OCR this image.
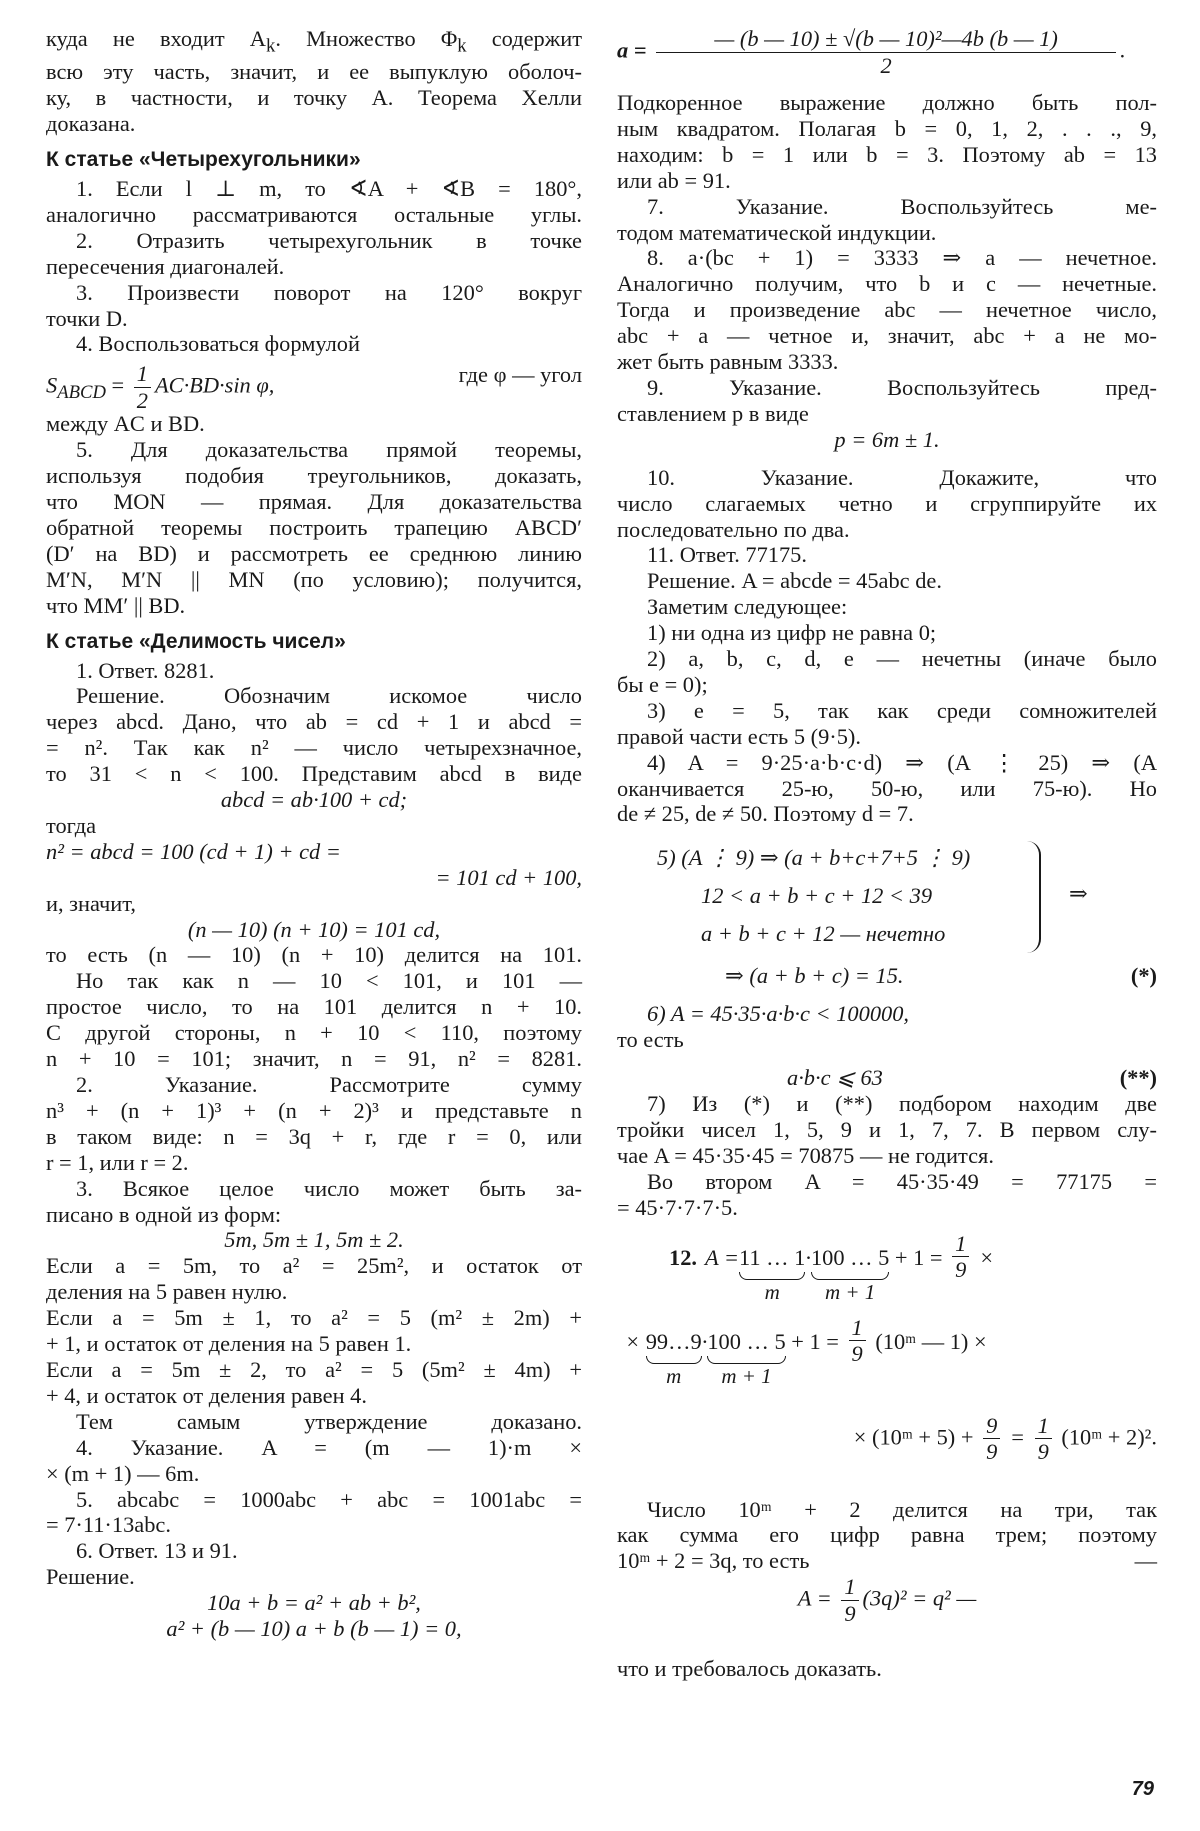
куда не входит $A_k$. Множество $\Phi_k$ содержит
всю эту часть, значит, и ее выпуклую оболоч-
ку, в частности, и точку A. Теорема Хелли
доказана.
К статье «Четырехугольники»
1. Если l ⊥ m, то ∢A + ∢B = 180°,
аналогично рассматриваются остальные углы.
2. Отразить четырехугольник в точке
пересечения диагоналей.
3. Произвести поворот на 120° вокруг
точки D.
4. Воспользоваться формулой
$S_{ABCD} = \frac{1}{2} AC\cdot BD\cdot\sin$ φ,	где φ — угол
между AC и BD.
5. Для доказательства прямой теоремы,
используя подобия треугольников, доказать,
что MON — прямая. Для доказательства
обратной теоремы построить трапецию ABCD′
(D′ на BD) и рассмотреть ее среднюю линию
M′N, M′N || MN (по условию); получится,
что MM′ || BD.
К статье «Делимость чисел»
1. Ответ. 8281.
Решение. Обозначим искомое число
через abcd. Дано, что ab = cd + 1 и abcd =
= n². Так как n² — число четырехзначное,
то 31 < n < 100. Представим abcd в виде
abcd = ab·100 + cd;
тогда
n² = abcd = 100 (cd + 1) + cd =
= 101 cd + 100,
и, значит,
(n — 10) (n + 10) = 101 cd,
то есть (n — 10) (n + 10) делится на 101.
Но так как n — 10 < 101, и 101 —
простое число, то на 101 делится n + 10.
С другой стороны, n + 10 < 110, поэтому
n + 10 = 101; значит, n = 91, n² = 8281.
2. Указание. Рассмотрите сумму
n³ + (n + 1)³ + (n + 2)³ и представьте n
в таком виде: n = 3q + r, где r = 0, или
r = 1, или r = 2.
3. Всякое целое число может быть за-
писано в одной из форм:
5m, 5m ± 1, 5m ± 2.
Если a = 5m, то a² = 25m², и остаток от
деления на 5 равен нулю.
Если a = 5m ± 1, то a² = 5 (m² ± 2m) +
+ 1, и остаток от деления на 5 равен 1.
Если a = 5m ± 2, то a² = 5 (5m² ± 4m) +
+ 4, и остаток от деления равен 4.
Тем самым утверждение доказано.
4. Указание. A = (m — 1)·m ×
× (m + 1) — 6m.
5. abcabc = 1000abc + abc = 1001abc =
= 7·11·13abc.
6. Ответ. 13 и 91.
Решение.
10a + b = a² + ab + b²,
a² + (b — 10) a + b (b — 1) = 0,
$a = \frac{\text{— (b — 10) ± √(b — 10)²—4b (b — 1)}}{2}$ .
Подкоренное выражение должно быть пол-
ным квадратом. Полагая b = 0, 1, 2, . . ., 9,
находим: b = 1 или b = 3. Поэтому ab = 13
или ab = 91.
7. Указание. Воспользуйтесь ме-
тодом математической индукции.
8. a·(bc + 1) = 3333 ⇒ a — нечетное.
Аналогично получим, что b и c — нечетные.
Тогда и произведение abc — нечетное число,
abc + a — четное и, значит, abc + a не мо-
жет быть равным 3333.
9. Указание. Воспользуйтесь пред-
ставлением p в виде
p = 6m ± 1.
10. Указание. Докажите, что
число слагаемых четно и сгруппируйте их
последовательно по два.
11. Ответ. 77175.
Решение. A = abcde = 45abc de.
Заметим следующее:
1) ни одна из цифр не равна 0;
2) a, b, c, d, e — нечетны (иначе было
бы e = 0);
3) e = 5, так как среди сомножителей
правой части есть 5 (9·5).
4) A = 9·25·a·b·c·d) ⇒ (A ⋮ 25) ⇒ (A
оканчивается 25-ю, 50-ю, или 75-ю). Но
de ≠ 25, de ≠ 50. Поэтому d = 7.
5) (A ⋮ 9) ⇒ (a + b+c+7+5 ⋮ 9)
12 < a + b + c + 12 < 39
a + b + c + 12 — нечетно
⇒
⇒ (a + b + c) = 15.	(*)
6) A = 45·35·a·b·c < 100000,
то есть
a·b·c ⩽ 63	(**)
7) Из (*) и (**) подбором находим две
тройки чисел 1, 5, 9 и 1, 7, 7. В первом слу-
чае A = 45·35·45 = 70875 — не годится.
Во втором A = 45·35·49 = 77175 =
= 45·7·7·7·5.
12. A = 11 … 1
m
· 100 … 5
m + 1
+ $1 = \frac{1}{9}$ ×
× 99…9
m
· 100 … 5
m + 1
+ $1 = \frac{1}{9}$ (10ᵐ — 1) ×
× (10ᵐ + $5) + \frac{9}{9} = \frac{1}{9}$ (10ᵐ + 2)².
Число 10ᵐ + 2 делится на три, так
как сумма его цифр равна трем; поэтому
10ᵐ + 2 = 3q, то есть	—
$A = \frac{1}{9} (3q)^2 = q^2$ —
что и требовалось доказать.
79
